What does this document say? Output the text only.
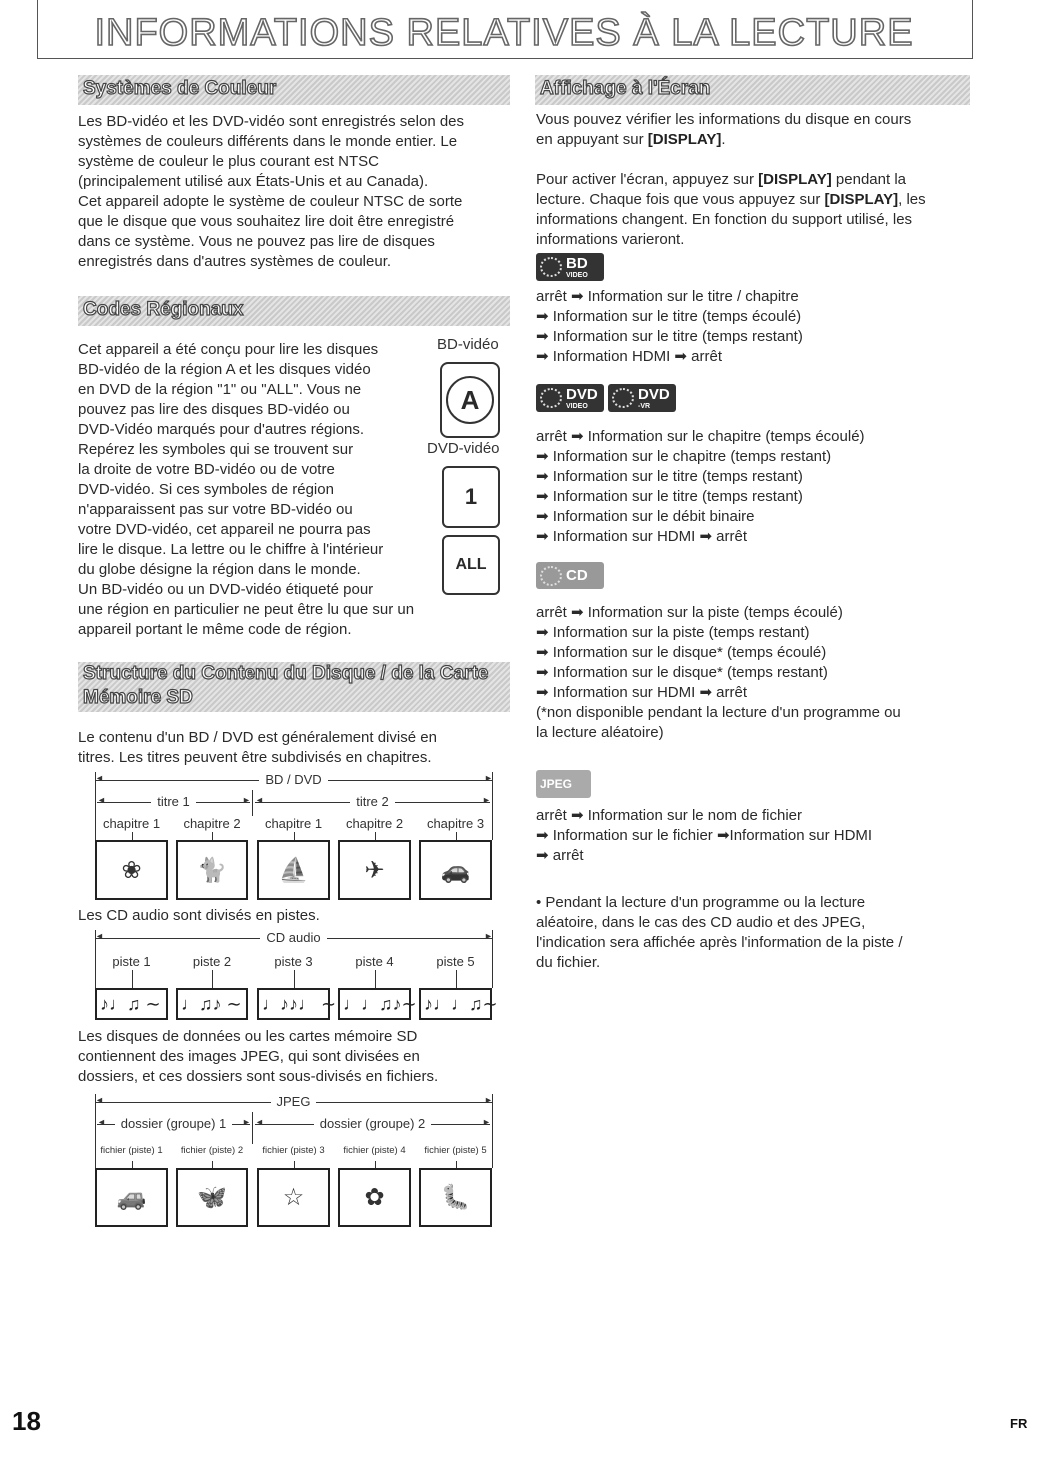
INFORMATIONS RELATIVES À LA LECTURE
Systèmes de Couleur
Les BD-vidéo et les DVD-vidéo sont enregistrés selon des
systèmes de couleurs différents dans le monde entier. Le
système de couleur le plus courant est NTSC
(principalement utilisé aux États-Unis et au Canada).
Cet appareil adopte le système de couleur NTSC de sorte
que le disque que vous souhaitez lire doit être enregistré
dans ce système. Vous ne pouvez pas lire de disques
enregistrés dans d'autres systèmes de couleur.
Codes Régionaux
Cet appareil a été conçu pour lire les disques
BD-vidéo de la région A et les disques vidéo
en DVD de la région "1" ou "ALL". Vous ne
pouvez pas lire des disques BD-vidéo ou
DVD-Vidéo marqués pour d'autres régions.
Repérez les symboles qui se trouvent sur
la droite de votre BD-vidéo ou de votre
DVD-vidéo. Si ces symboles de région
n'apparaissent pas sur votre BD-vidéo ou
votre DVD-vidéo, cet appareil ne pourra pas
lire le disque. La lettre ou le chiffre à l'intérieur
du globe désigne la région dans le monde.
Un BD-vidéo ou un DVD-vidéo étiqueté pour
une région en particulier ne peut être lu que sur un
appareil portant le même code de région.
BD-vidéo
A
DVD-vidéo
1
ALL
Structure du Contenu du Disque / de la Carte
Mémoire SD
Le contenu d'un BD / DVD est généralement divisé en
titres. Les titres peuvent être subdivisés en chapitres.
BD / DVD
◄	►
titre 1
◄	►	titre 2
◄	►
chapitre 1
❀
chapitre 2
🐈
chapitre 1
⛵
chapitre 2
✈
chapitre 3
🚗
Les CD audio sont divisés en pistes.
CD audio
◄	►
piste 1
♪♩♫ ∼
piste 2
♩♫♪ ∼
piste 3
♩♪♪♩ ∼
piste 4
♩♩♫♪∼
piste 5
♪♩♩♫∼
Les disques de données ou les cartes mémoire SD
contiennent des images JPEG, qui sont divisées en
dossiers, et ces dossiers sont sous-divisés en fichiers.
JPEG
◄	►
dossier (groupe) 1
◄	►	dossier (groupe) 2
◄	►
fichier (piste) 1
🚙
fichier (piste) 2
🦋
fichier (piste) 3
☆
fichier (piste) 4
✿
fichier (piste) 5
🐛
Affichage à l'Écran
Vous pouvez vérifier les informations du disque en cours
en appuyant sur [DISPLAY].
Pour activer l'écran, appuyez sur [DISPLAY] pendant la
lecture. Chaque fois que vous appuyez sur [DISPLAY], les
informations changent. En fonction du support utilisé, les
informations varieront.
BD
VIDEO
arrêt ➡ Information sur le titre / chapitre
➡ Information sur le titre (temps écoulé)
➡ Information sur le titre (temps restant)
➡ Information HDMI ➡ arrêt
DVD
VIDEO
DVD
-VR
arrêt ➡ Information sur le chapitre (temps écoulé)
➡ Information sur le chapitre (temps restant)
➡ Information sur le titre (temps restant)
➡ Information sur le titre (temps restant)
➡ Information sur le débit binaire
➡ Information sur HDMI ➡ arrêt
CD
arrêt ➡ Information sur la piste (temps écoulé)
➡ Information sur la piste (temps restant)
➡ Information sur le disque* (temps écoulé)
➡ Information sur le disque* (temps restant)
➡ Information sur HDMI ➡ arrêt
(*non disponible pendant la lecture d'un programme ou
la lecture aléatoire)
JPEG
arrêt ➡ Information sur le nom de fichier
➡ Information sur le fichier ➡Information sur HDMI
➡ arrêt
• Pendant la lecture d'un programme ou la lecture
aléatoire, dans le cas des CD audio et des JPEG,
l'indication sera affichée après l'information de la piste /
du fichier.
18	FR
